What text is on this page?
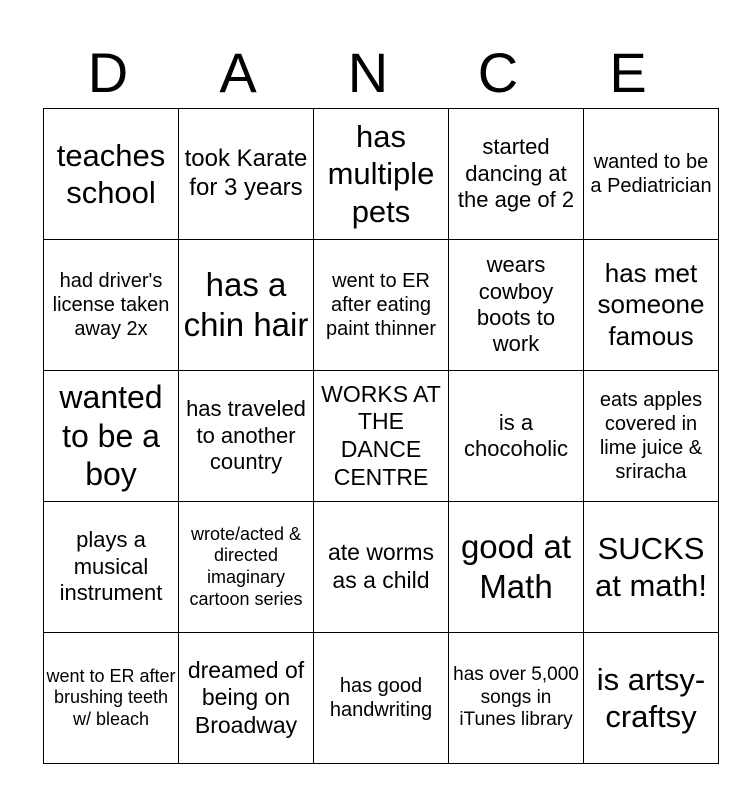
D	A	N	C	E
teaches school	took Karate for 3 years	has multiple pets	started dancing at the age of 2	wanted to be a Pediatrician
had driver's license taken away 2x	has a chin hair	went to ER after eating paint thinner	wears cowboy boots to work	has met someone famous
wanted to be a boy	has traveled to another country	WORKS AT THE DANCE CENTRE	is a chocoholic	eats apples covered in lime juice & sriracha
plays a musical instrument	wrote/acted & directed imaginary cartoon series	ate worms as a child	good at Math	SUCKS at math!
went to ER after brushing teeth w/ bleach	dreamed of being on Broadway	has good handwriting	has over 5,000 songs in iTunes library	is artsy-craftsy
